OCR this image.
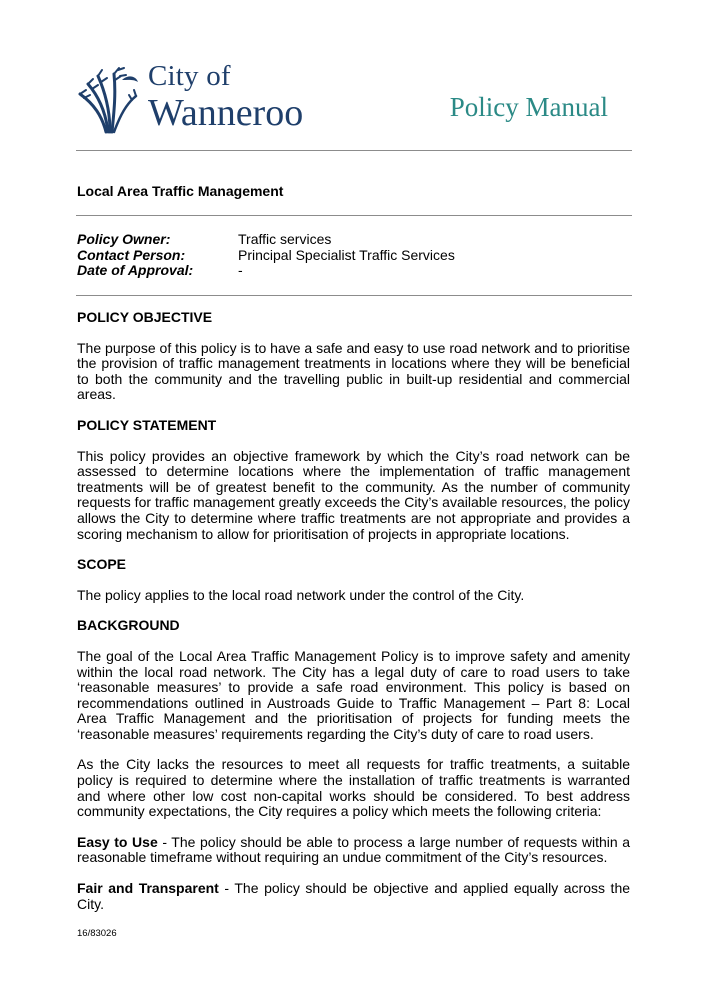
City of
Wanneroo	Policy Manual
Local Area Traffic Management
Policy Owner:	Traffic services
Contact Person:	Principal Specialist Traffic Services
Date of Approval:	-
POLICY OBJECTIVE

The purpose of this policy is to have a safe and easy to use road network and to prioritise the provision of traffic management treatments in locations where they will be beneficial to both the community and the travelling public in built-up residential and commercial areas.

POLICY STATEMENT

This policy provides an objective framework by which the City’s road network can be assessed to determine locations where the implementation of traffic management treatments will be of greatest benefit to the community. As the number of community requests for traffic management greatly exceeds the City’s available resources, the policy allows the City to determine where traffic treatments are not appropriate and provides a scoring mechanism to allow for prioritisation of projects in appropriate locations.

SCOPE

The policy applies to the local road network under the control of the City.

BACKGROUND

The goal of the Local Area Traffic Management Policy is to improve safety and amenity within the local road network. The City has a legal duty of care to road users to take ‘reasonable measures’ to provide a safe road environment. This policy is based on recommendations outlined in Austroads Guide to Traffic Management – Part 8: Local Area Traffic Management and the prioritisation of projects for funding meets the ‘reasonable measures’ requirements regarding the City’s duty of care to road users.

As the City lacks the resources to meet all requests for traffic treatments, a suitable policy is required to determine where the installation of traffic treatments is warranted and where other low cost non-capital works should be considered. To best address community expectations, the City requires a policy which meets the following criteria:

Easy to Use - The policy should be able to process a large number of requests within a reasonable timeframe without requiring an undue commitment of the City’s resources.

Fair and Transparent - The policy should be objective and applied equally across the City.

16/83026
